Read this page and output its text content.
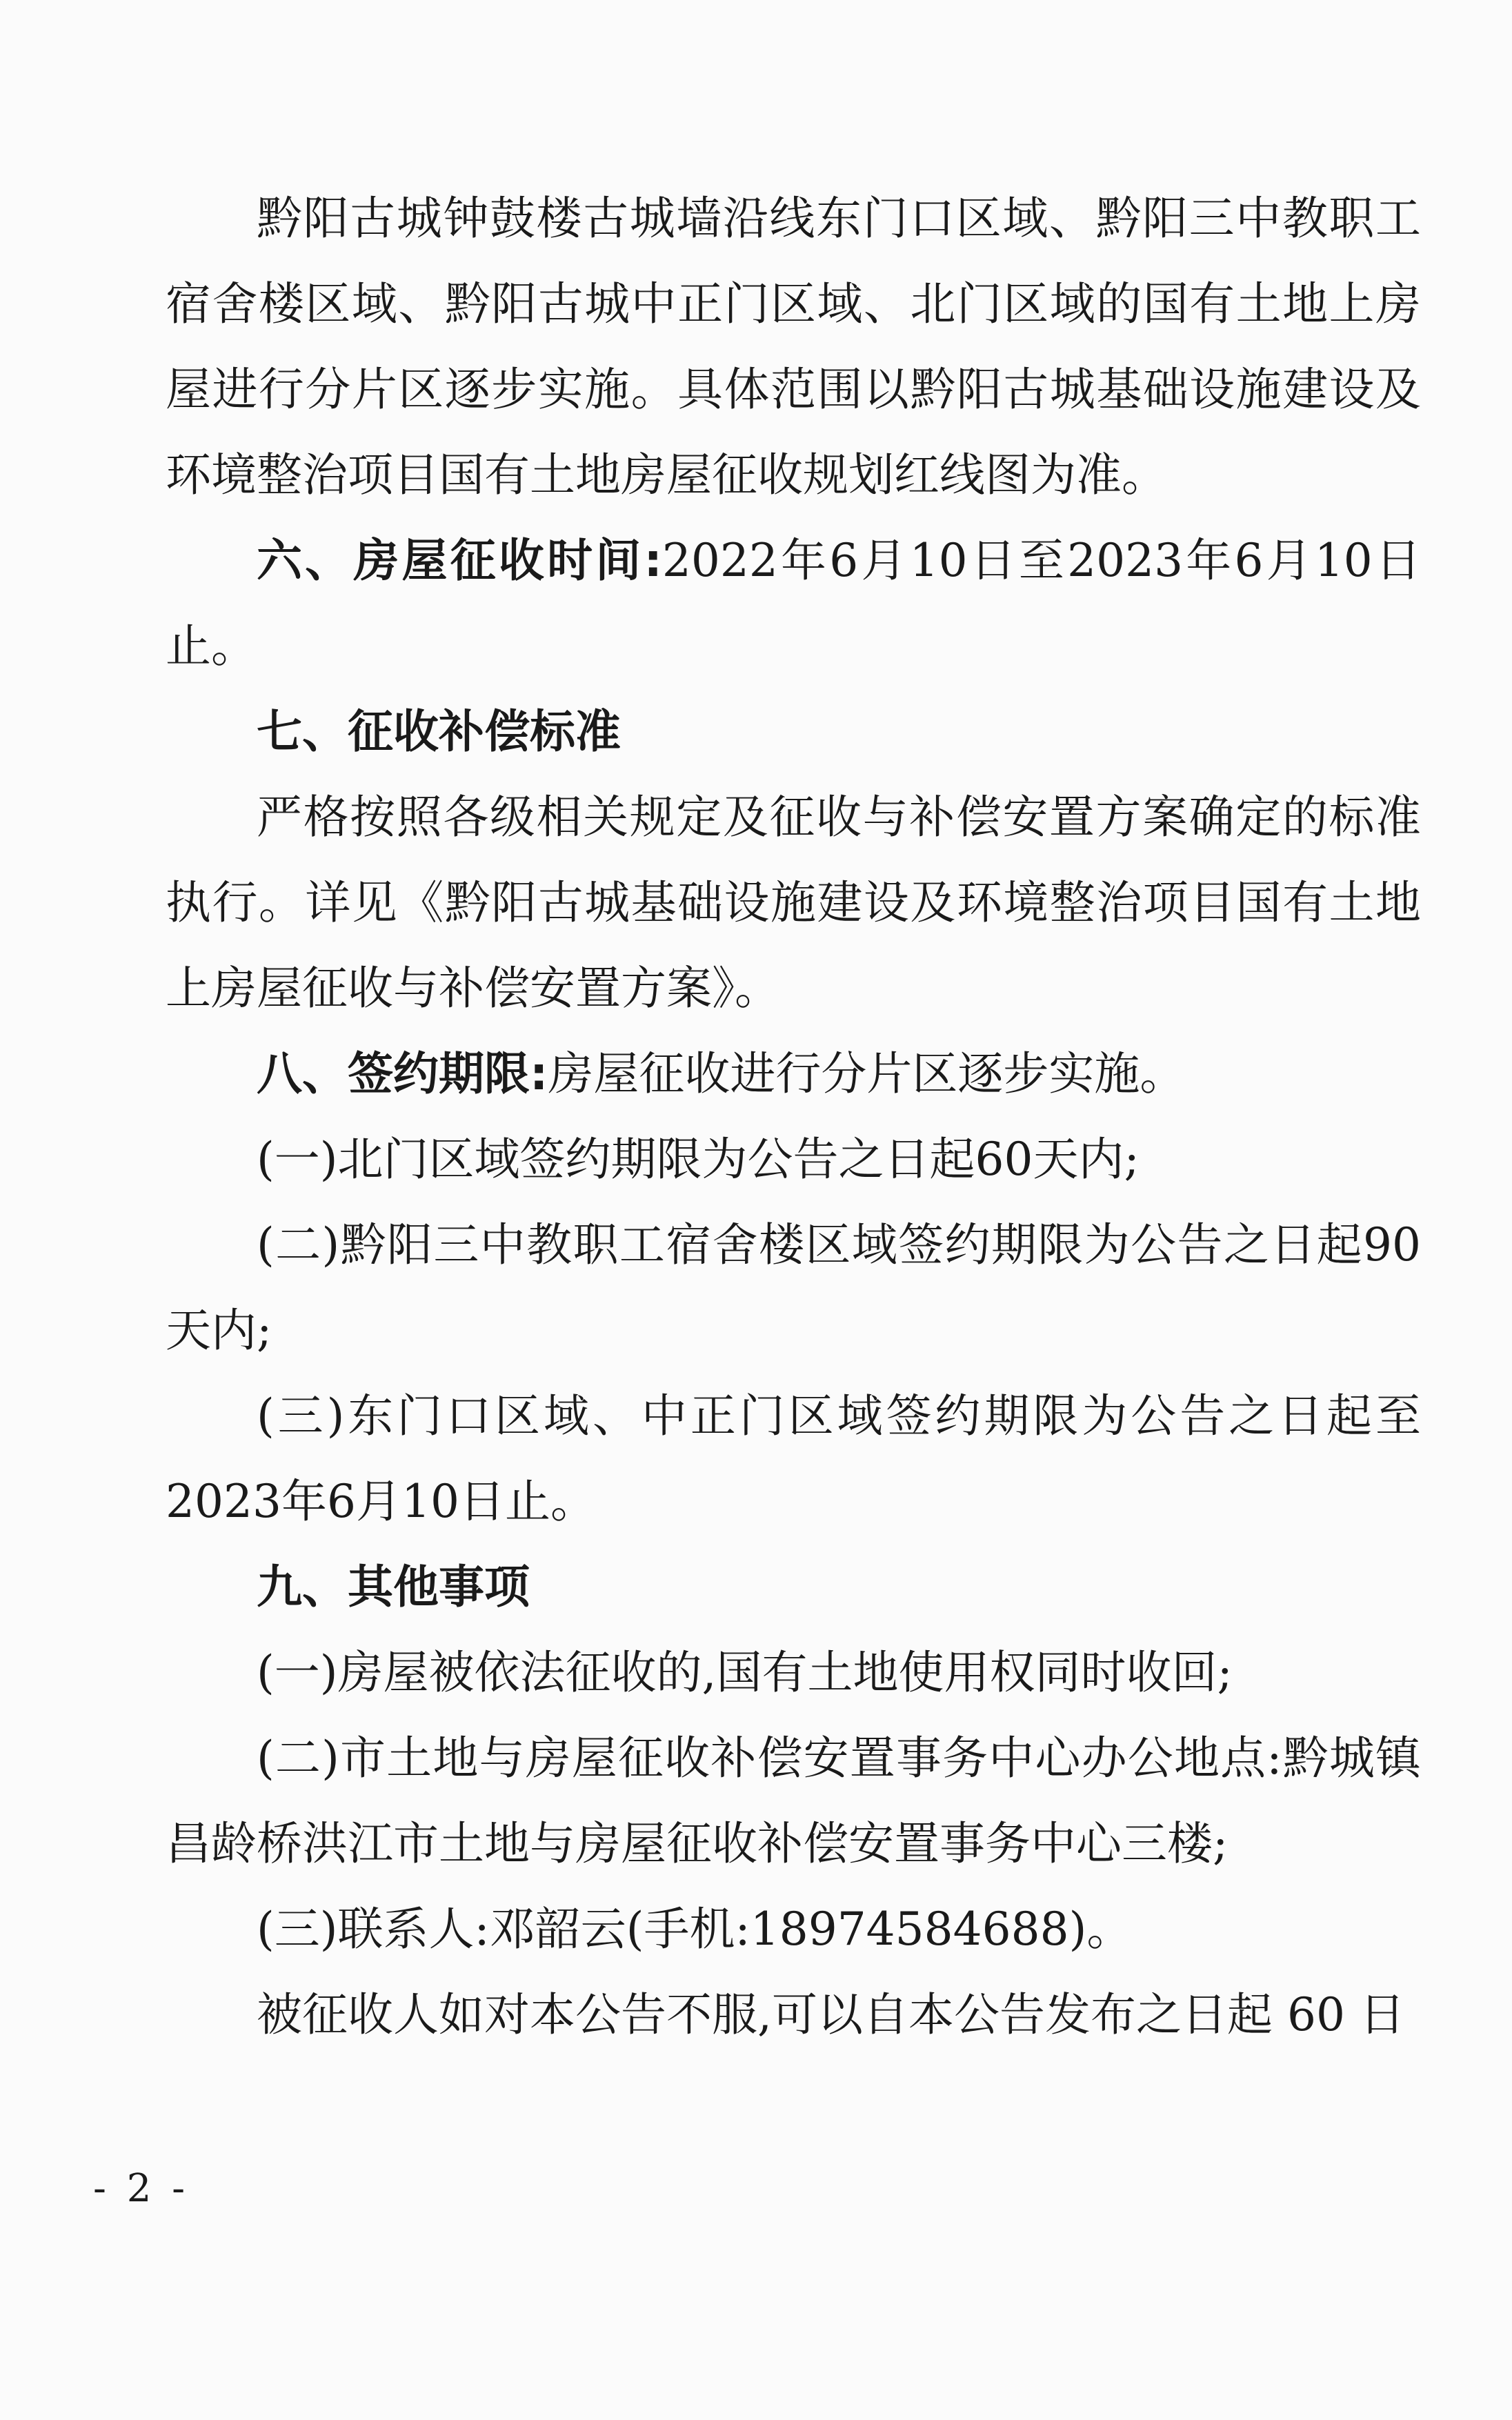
黔阳古城钟鼓楼古城墙沿线东门口区域、黔阳三中教职工宿舍楼区域、黔阳古城中正门区域、北门区域的国有土地上房屋进行分片区逐步实施。具体范围以黔阳古城基础设施建设及环境整治项目国有土地房屋征收规划红线图为准。

六、房屋征收时间:2022年6月10日至2023年6月10日止。

七、征收补偿标准

严格按照各级相关规定及征收与补偿安置方案确定的标准执行。详见《黔阳古城基础设施建设及环境整治项目国有土地上房屋征收与补偿安置方案》。

八、签约期限:房屋征收进行分片区逐步实施。

(一)北门区域签约期限为公告之日起60天内;

(二)黔阳三中教职工宿舍楼区域签约期限为公告之日起90天内;

(三)东门口区域、中正门区域签约期限为公告之日起至2023年6月10日止。

九、其他事项

(一)房屋被依法征收的,国有土地使用权同时收回;

(二)市土地与房屋征收补偿安置事务中心办公地点:黔城镇昌龄桥洪江市土地与房屋征收补偿安置事务中心三楼;

(三)联系人:邓韶云(手机:18974584688)。

被征收人如对本公告不服,可以自本公告发布之日起 60 日

- 2 -
